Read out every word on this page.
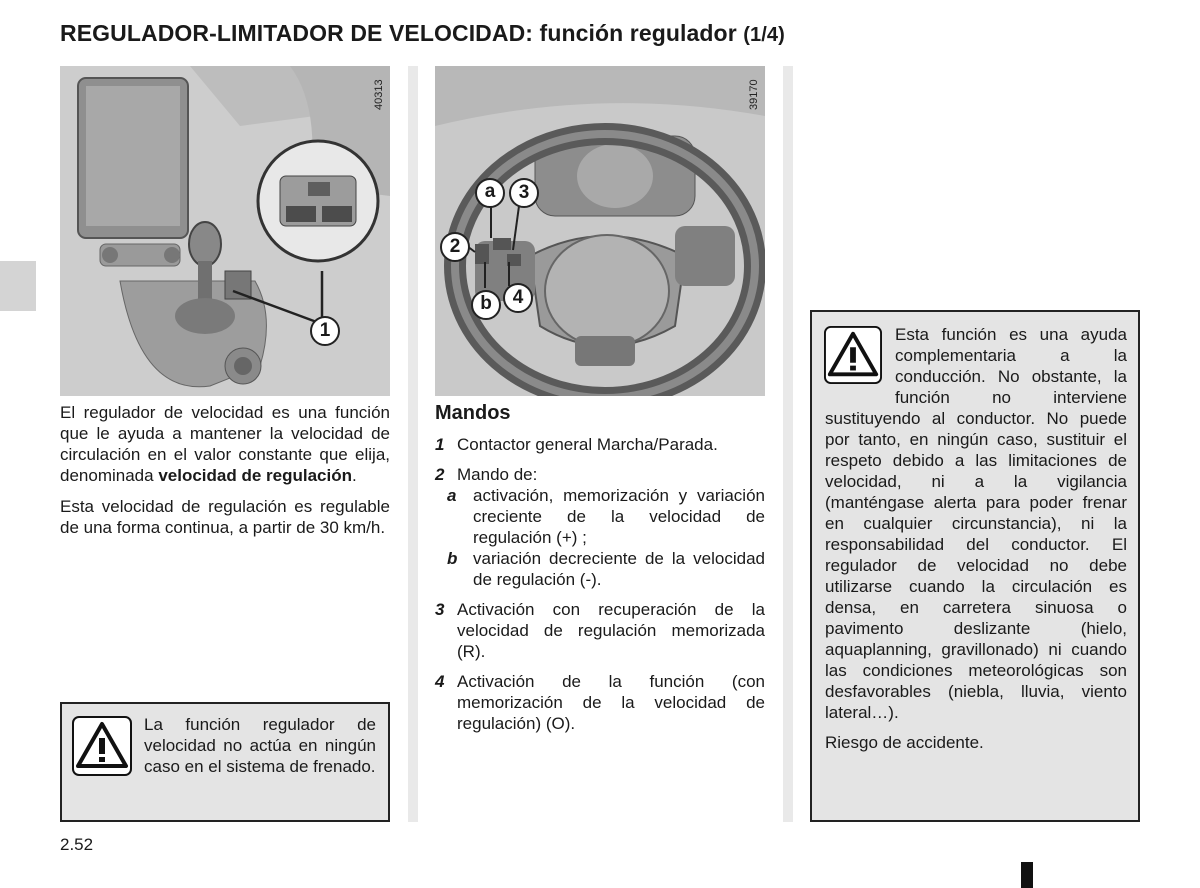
REGULADOR-LIMITADOR DE VELOCIDAD: función regulador (1/4)
40313
1
39170
a	3
2
4
b

El regulador de velocidad es una función que le ayuda a mantener la velocidad de circulación en el valor constante que elija, denominada velocidad de regulación.

Esta velocidad de regulación es regulable de una forma continua, a partir de 30 km/h.

La función regulador de velocidad no actúa en ningún caso en el sistema de frenado.
Mandos
1 Contactor general Marcha/Parada.
2 Mando de:
a activación, memorización y variación creciente de la velocidad de regulación (+) ;
b variación decreciente de la velocidad de regulación (-).
3 Activación con recuperación de la velocidad de regulación memorizada (R).
4 Activación de la función (con memorización de la velocidad de regulación) (O).
Esta función es una ayuda complementaria a la conducción. No obstante, la función no interviene sustituyendo al conductor. No puede por tanto, en ningún caso, sustituir el respeto debido a las limitaciones de velocidad, ni a la vigilancia (manténgase alerta para poder frenar en cualquier circunstancia), ni la responsabilidad del conductor. El regulador de velocidad no debe utilizarse cuando la circulación es densa, en carretera sinuosa o pavimento deslizante (hielo, aquaplanning, gravillonado) ni cuando las condiciones meteorológicas son desfavorables (niebla, lluvia, viento lateral…).
Riesgo de accidente.
2.52
